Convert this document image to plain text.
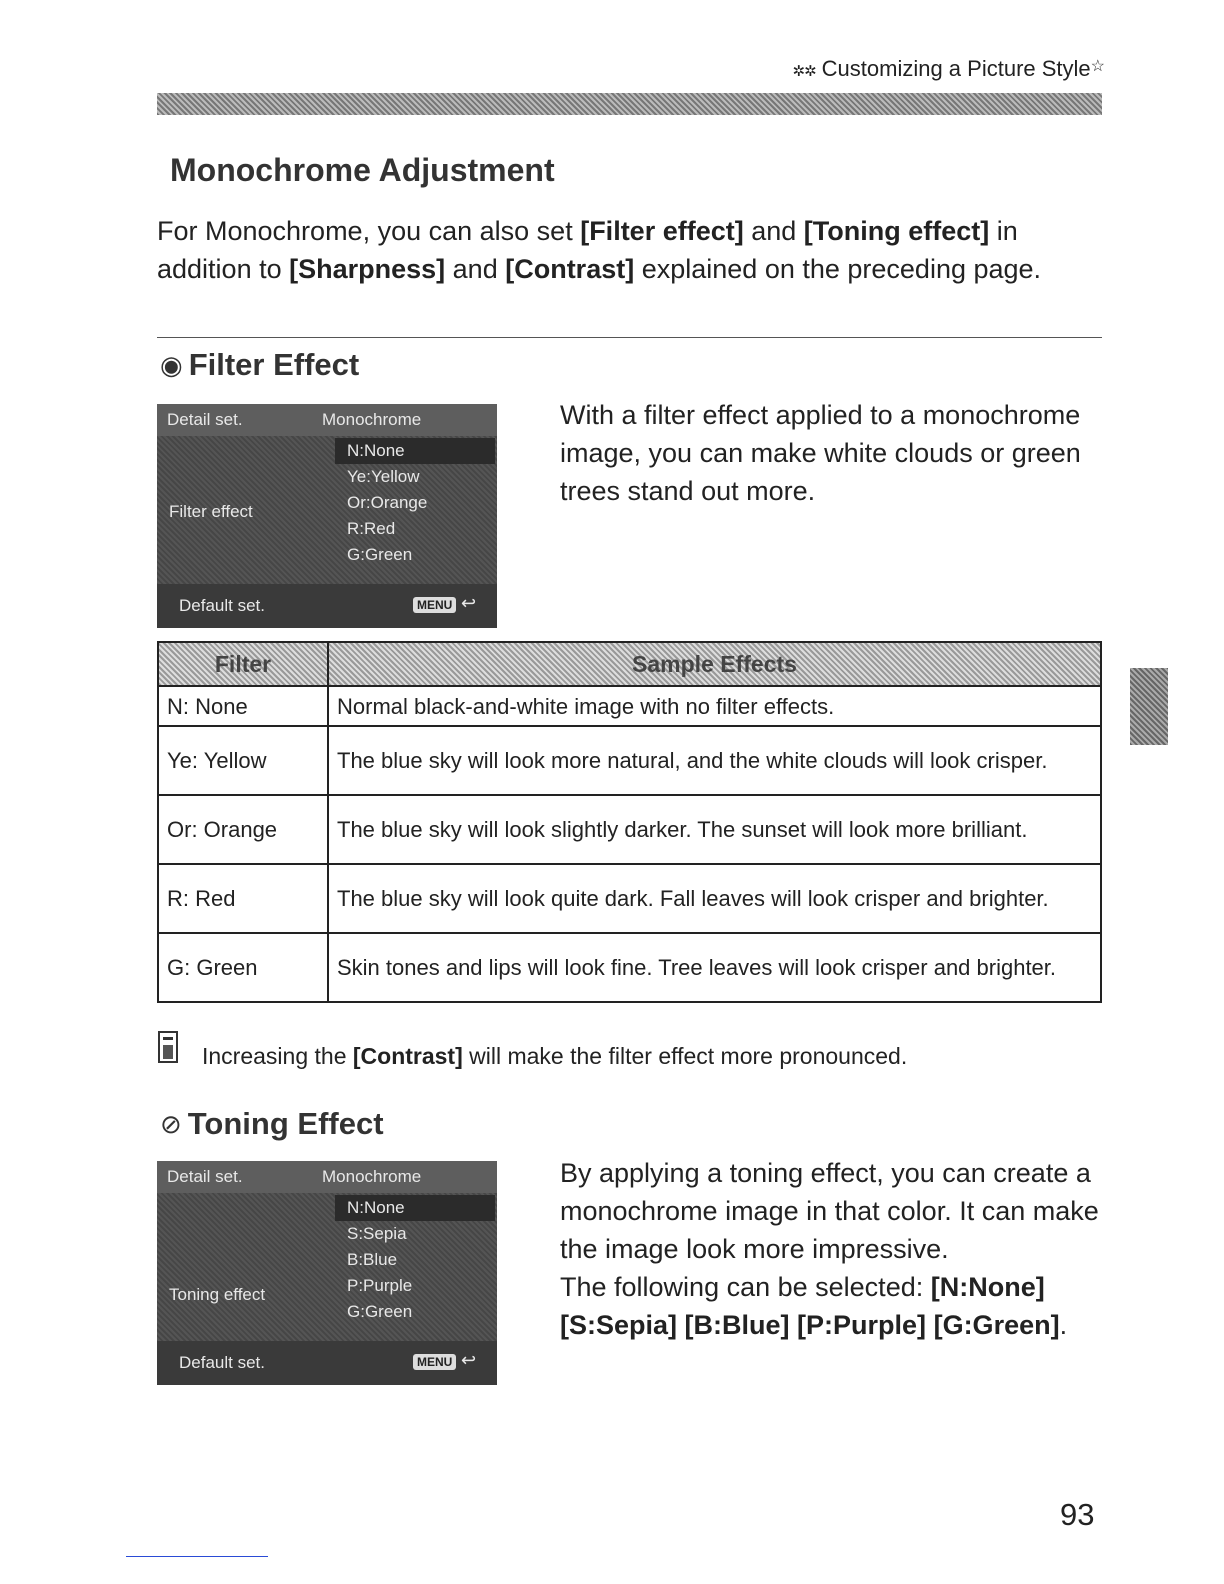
✲✲ Customizing a Picture Style☆
Monochrome Adjustment
For Monochrome, you can also set [Filter effect] and [Toning effect] in addition to [Sharpness] and [Contrast] explained on the preceding page.
◉ Filter Effect
Detail set.	Monochrome
N:None
Ye:Yellow
Or:Orange
R:Red
G:Green
Filter effect
Default set.	MENU ↩
With a filter effect applied to a monochrome image, you can make white clouds or green trees stand out more.
Filter	Sample Effects
N: None	Normal black-and-white image with no filter effects.
Ye: Yellow	The blue sky will look more natural, and the white clouds will look crisper.
Or: Orange	The blue sky will look slightly darker. The sunset will look more brilliant.
R: Red	The blue sky will look quite dark. Fall leaves will look crisper and brighter.
G: Green	Skin tones and lips will look fine. Tree leaves will look crisper and brighter.
Increasing the [Contrast] will make the filter effect more pronounced.
⊘ Toning Effect
Detail set.	Monochrome
N:None
S:Sepia
B:Blue
P:Purple
G:Green
Toning effect
Default set.	MENU ↩
By applying a toning effect, you can create a monochrome image in that color. It can make the image look more impressive.
The following can be selected: [N:None] [S:Sepia] [B:Blue] [P:Purple] [G:Green].
93
